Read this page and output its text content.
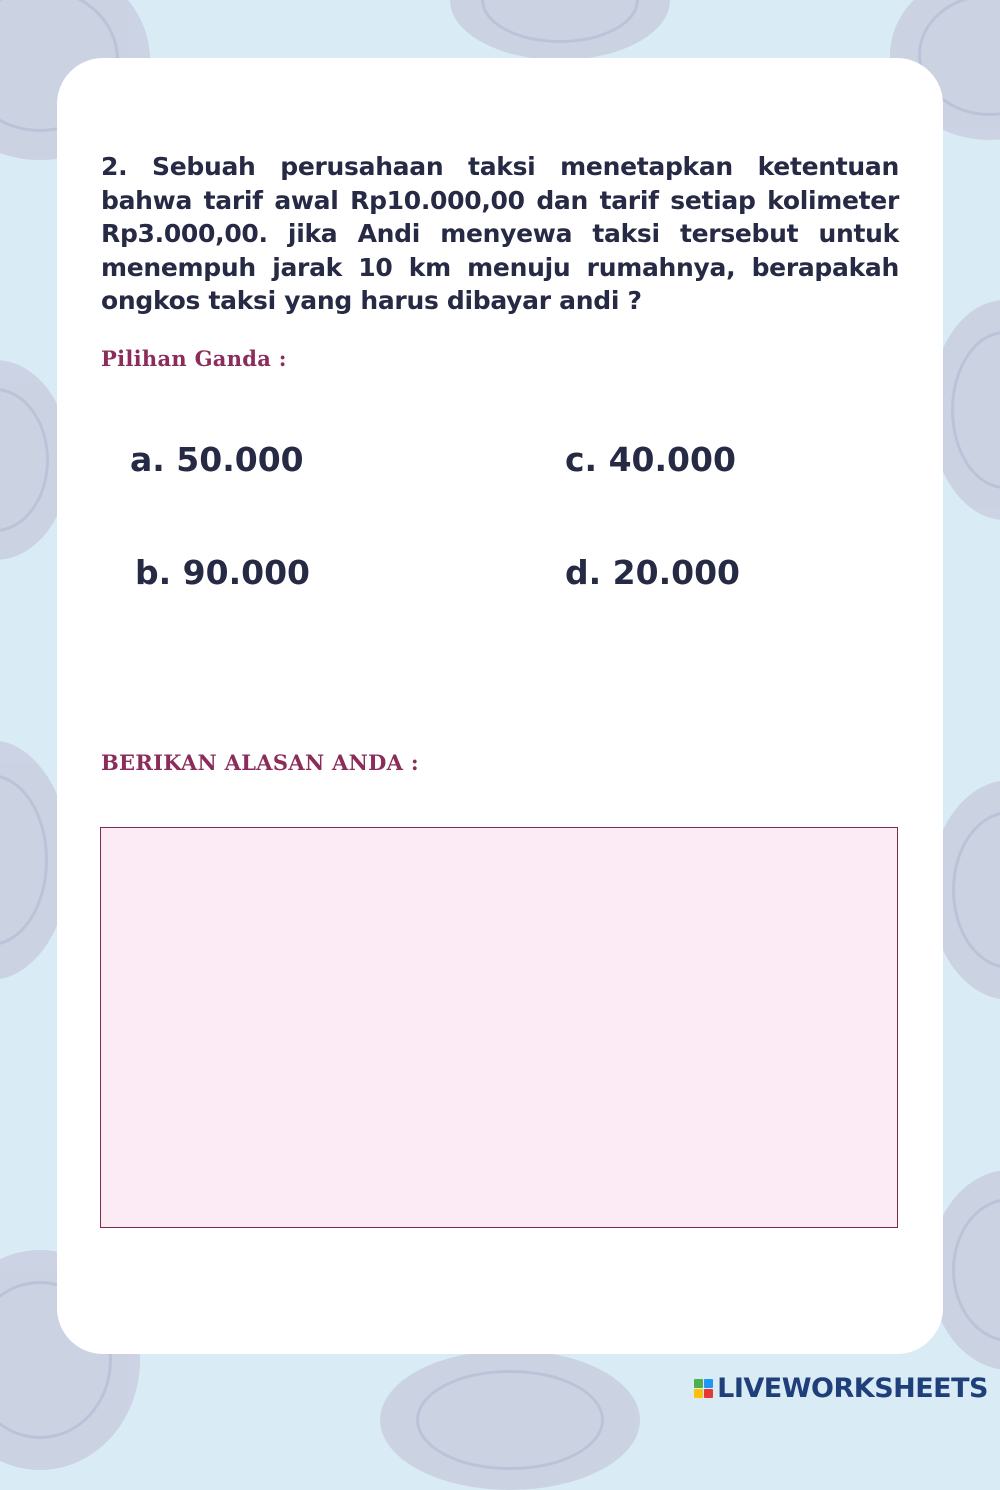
2. Sebuah perusahaan taksi menetapkan ketentuan bahwa tarif awal Rp10.000,00 dan tarif setiap kolimeter Rp3.000,00. jika Andi menyewa taksi tersebut untuk menempuh jarak 10 km menuju rumahnya, berapakah ongkos taksi yang harus dibayar andi ?

Pilihan Ganda :
a. 50.000	c. 40.000
b. 90.000	d. 20.000
BERIKAN ALASAN ANDA :
LIVEWORKSHEETS
